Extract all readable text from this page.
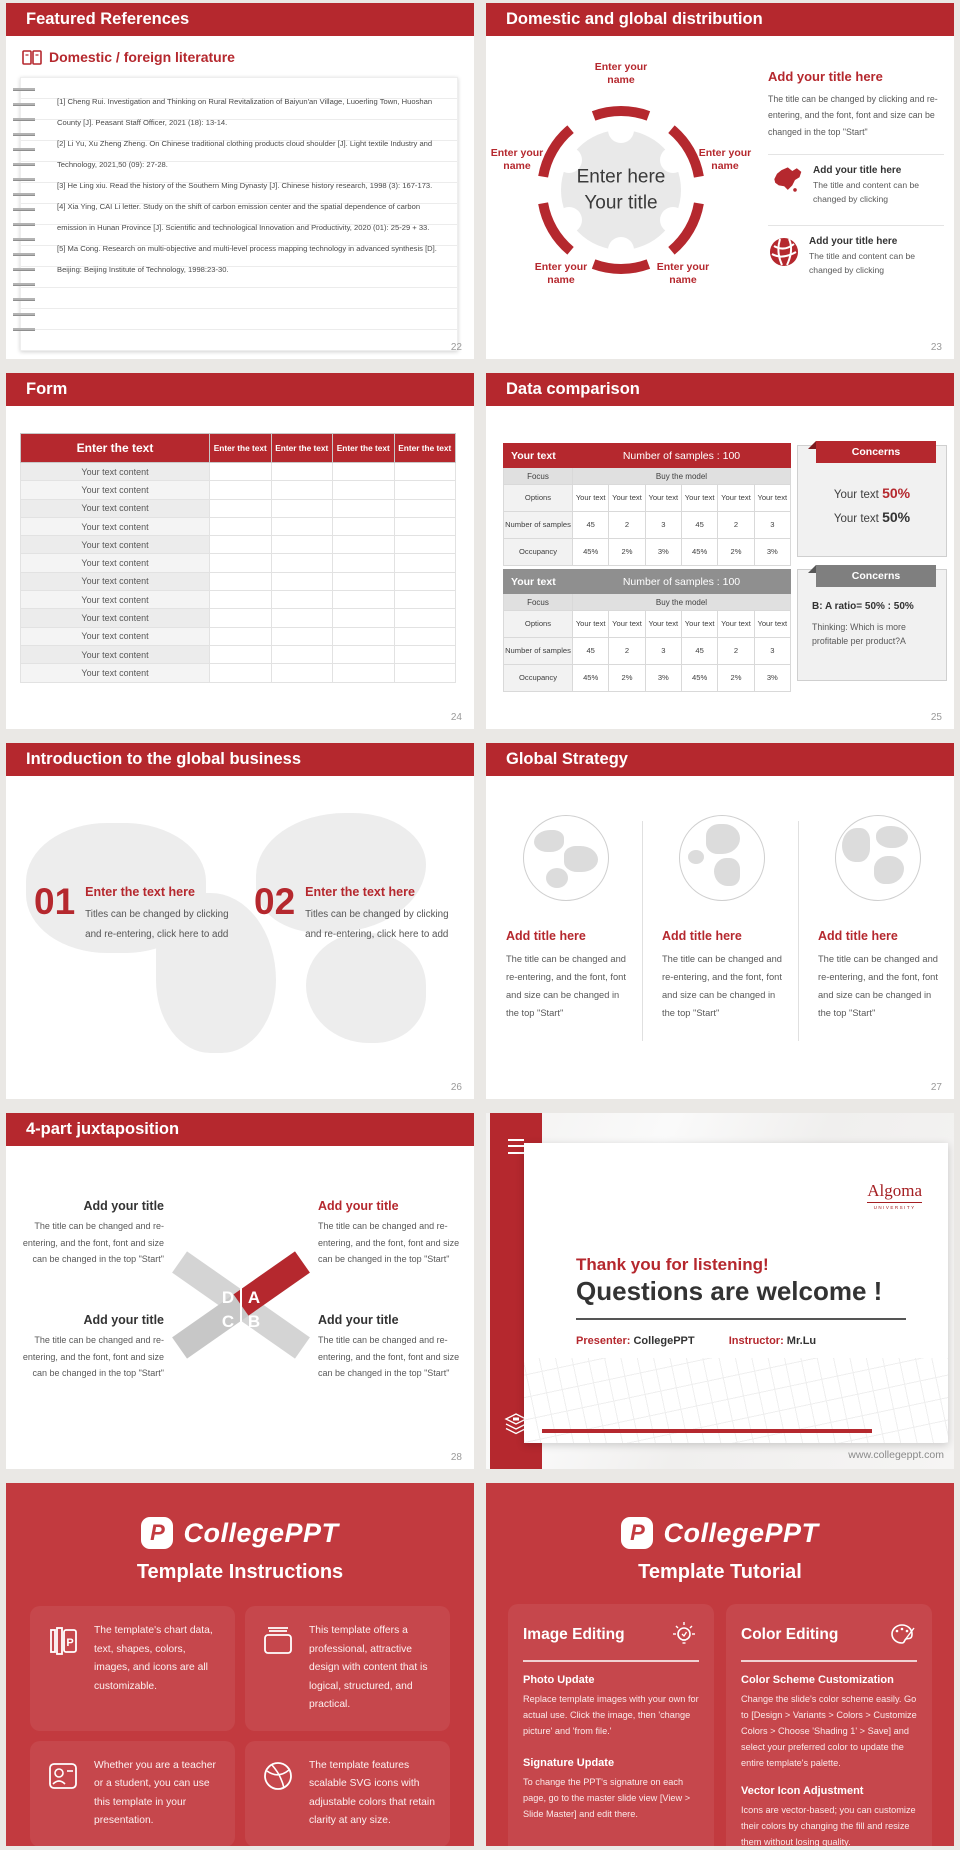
Featured References
Domestic / foreign literature
[1] Cheng Rui. Investigation and Thinking on Rural Revitalization of Baiyun'an Village, Luoerling Town, Huoshan County [J]. Peasant Staff Officer, 2021 (18): 13-14.
[2] Li Yu, Xu Zheng Zheng. On Chinese traditional clothing products cloud shoulder [J]. Light textile Industry and Technology, 2021,50 (09): 27-28.
[3] He Ling xiu. Read the history of the Southern Ming Dynasty [J]. Chinese history research, 1998 (3): 167-173.
[4] Xia Ying, CAI Li letter. Study on the shift of carbon emission center and the spatial dependence of carbon emission in Hunan Province [J]. Scientific and technological Innovation and Productivity, 2020 (01): 25-29 + 33.
[5] Ma Cong. Research on multi-objective and multi-level process mapping technology in advanced synthesis [D]. Beijing: Beijing Institute of Technology, 1998:23-30.
22
Domestic and global distribution
Enter here
Your title
Enter your name
Enter your name
Enter your name
Enter your name
Enter your name
Add your title here
The title can be changed by clicking and re-entering, and the font, font and size can be changed in the top "Start"
Add your title here
The title and content can be changed by clicking
Add your title here
The title and content can be changed by clicking
23
Form
Enter the text	Enter the text	Enter the text	Enter the text	Enter the text
Your text content				
Your text content				
Your text content				
Your text content				
Your text content				
Your text content				
Your text content				
Your text content				
Your text content				
Your text content				
Your text content				
Your text content				
24
Data comparison
Your text	Number of samples : 100					
Focus	Buy the model					
Options	Your text	Your text	Your text	Your text	Your text	Your text
Number of samples	45	2	3	45	2	3
Occupancy	45%	2%	3%	45%	2%	3%
Your text	Number of samples : 100					
Focus	Buy the model					
Options	Your text	Your text	Your text	Your text	Your text	Your text
Number of samples	45	2	3	45	2	3
Occupancy	45%	2%	3%	45%	2%	3%
Concerns
Your text 50%
Your text 50%
Concerns
B: A ratio= 50% : 50%
Thinking: Which is more profitable per product?A
25
Introduction to the global business
01 Enter the text here
Titles can be changed by clicking and re-entering, click here to add
02 Enter the text here
Titles can be changed by clicking and re-entering, click here to add
26
Global Strategy
Add title here
The title can be changed and re-entering, and the font, font and size can be changed in the top "Start"
Add title here
The title can be changed and re-entering, and the font, font and size can be changed in the top "Start"
Add title here
The title can be changed and re-entering, and the font, font and size can be changed in the top "Start"
27
4-part juxtaposition
Add your title
The title can be changed and re-entering, and the font, font and size can be changed in the top "Start"
Add your title
The title can be changed and re-entering, and the font, font and size can be changed in the top "Start"
Add your title
The title can be changed and re-entering, and the font, font and size can be changed in the top "Start"
Add your title
The title can be changed and re-entering, and the font, font and size can be changed in the top "Start"
D A
C B
28
Algoma
UNIVERSITY
Thank you for listening!
Questions are welcome !
Presenter: CollegePPT	Instructor: Mr.Lu
www.collegeppt.com
P CollegePPT
Template Instructions
P
The template's chart data, text, shapes, colors, images, and icons are all customizable.
This template offers a professional, attractive design with content that is logical, structured, and practical.
Whether you are a teacher or a student, you can use this template in your presentation.
The template features scalable SVG icons with adjustable colors that retain clarity at any size.
P CollegePPT
Template Tutorial
Image Editing
Photo Update
Replace template images with your own for actual use. Click the image, then 'change picture' and 'from file.'
Signature Update
To change the PPT's signature on each page, go to the master slide view [View > Slide Master] and edit there.
Color Editing
Color Scheme Customization
Change the slide's color scheme easily. Go to [Design > Variants > Colors > Customize Colors > Choose 'Shading 1' > Save] and select your preferred color to update the entire template's palette.
Vector Icon Adjustment
Icons are vector-based; you can customize their colors by changing the fill and resize them without losing quality.
